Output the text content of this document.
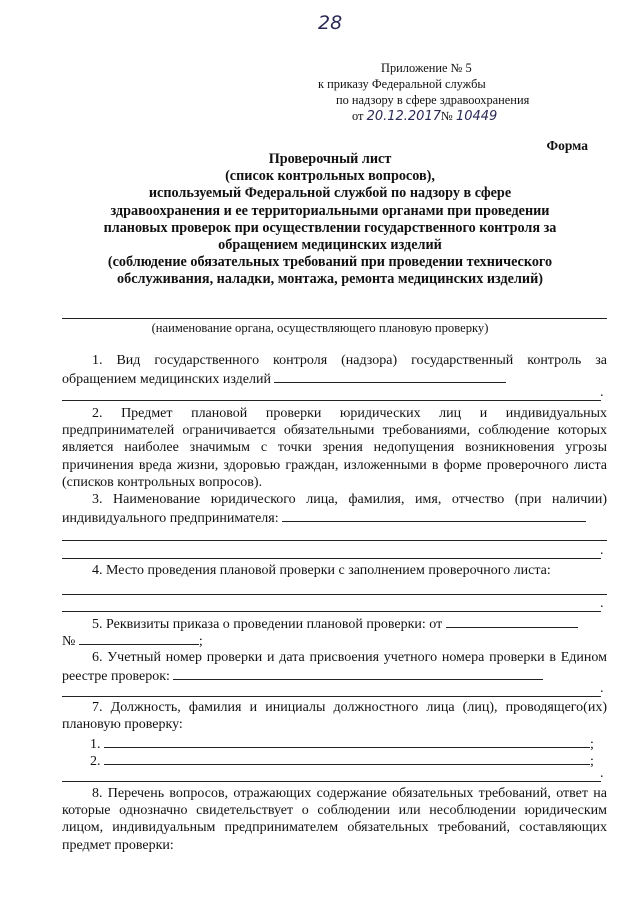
28
Приложение № 5
к приказу Федеральной службы
по надзору в сфере здравоохранения
от 20.12.2017№ 10449
Форма
Проверочный лист
(список контрольных вопросов),
используемый Федеральной службой по надзору в сфере
здравоохранения и ее территориальными органами при проведении
плановых проверок при осуществлении государственного контроля за
обращением медицинских изделий
(соблюдение обязательных требований при проведении технического
обслуживания, наладки, монтажа, ремонта медицинских изделий)
(наименование органа, осуществляющего плановую проверку)
1. Вид государственного контроля (надзора) государственный контроль за обращением медицинских изделий
.
2. Предмет плановой проверки юридических лиц и индивидуальных предпринимателей ограничивается обязательными требованиями, соблюдение которых является наиболее значимым с точки зрения недопущения возникновения угрозы причинения вреда жизни, здоровью граждан, изложенными в форме проверочного листа (списков контрольных вопросов).
3. Наименование юридического лица, фамилия, имя, отчество (при наличии) индивидуального предпринимателя:
.
4. Место проведения плановой проверки с заполнением проверочного листа:
.
5. Реквизиты приказа о проведении плановой проверки: от
№	;
6. Учетный номер проверки и дата присвоения учетного номера проверки в Едином реестре проверок:
.
7. Должность, фамилия и инициалы должностного лица (лиц), проводящего(их) плановую проверку:
1.	;
2.	;
.
8. Перечень вопросов, отражающих содержание обязательных требований, ответ на которые однозначно свидетельствует о соблюдении или несоблюдении юридическим лицом, индивидуальным предпринимателем обязательных требований, составляющих предмет проверки:
